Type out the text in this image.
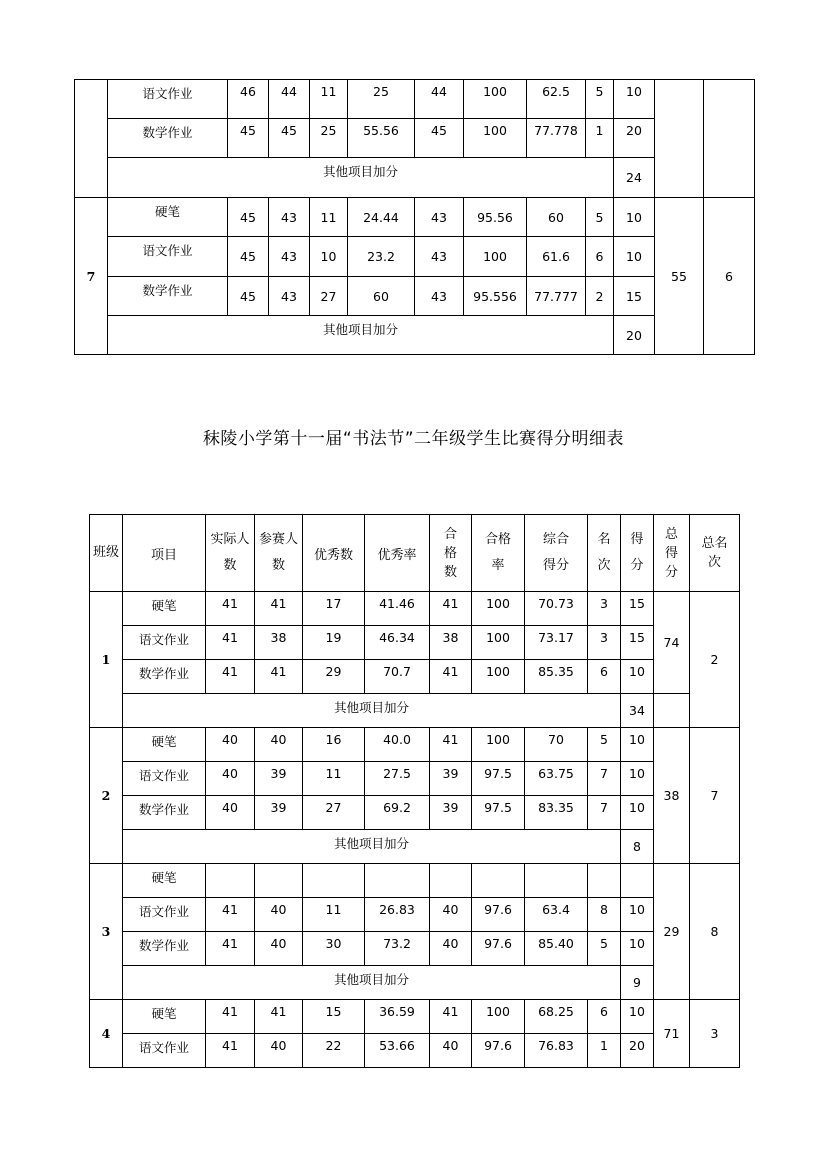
	语文作业	46	44	11	25	44	100	62.5	5	10		
	数学作业	45	45	25	55.56	45	100	77.778	1	20		
	其他项目加分									24		
7	硬笔	45	43	11	24.44	43	95.56	60	5	10	55	6
	语文作业	45	43	10	23.2	43	100	61.6	6	10		
	数学作业	45	43	27	60	43	95.556	77.777	2	15		
	其他项目加分									20		
秣陵小学第十一届“书法节”二年级学生比赛得分明细表
班级	项目	实际人数	参赛人数	优秀数	优秀率	合格数	合格率	综合得分	名次	得分	总得分	总名次
1	硬笔	41	41	17	41.46	41	100	70.73	3	15	74	2
	语文作业	41	38	19	46.34	38	100	73.17	3	15		
	数学作业	41	41	29	70.7	41	100	85.35	6	10		
	其他项目加分									34		
2	硬笔	40	40	16	40.0	41	100	70	5	10	38	7
	语文作业	40	39	11	27.5	39	97.5	63.75	7	10		
	数学作业	40	39	27	69.2	39	97.5	83.35	7	10		
	其他项目加分									8		
3	硬笔										29	8
	语文作业	41	40	11	26.83	40	97.6	63.4	8	10		
	数学作业	41	40	30	73.2	40	97.6	85.40	5	10		
	其他项目加分									9		
4	硬笔	41	41	15	36.59	41	100	68.25	6	10	71	3
	语文作业	41	40	22	53.66	40	97.6	76.83	1	20		
